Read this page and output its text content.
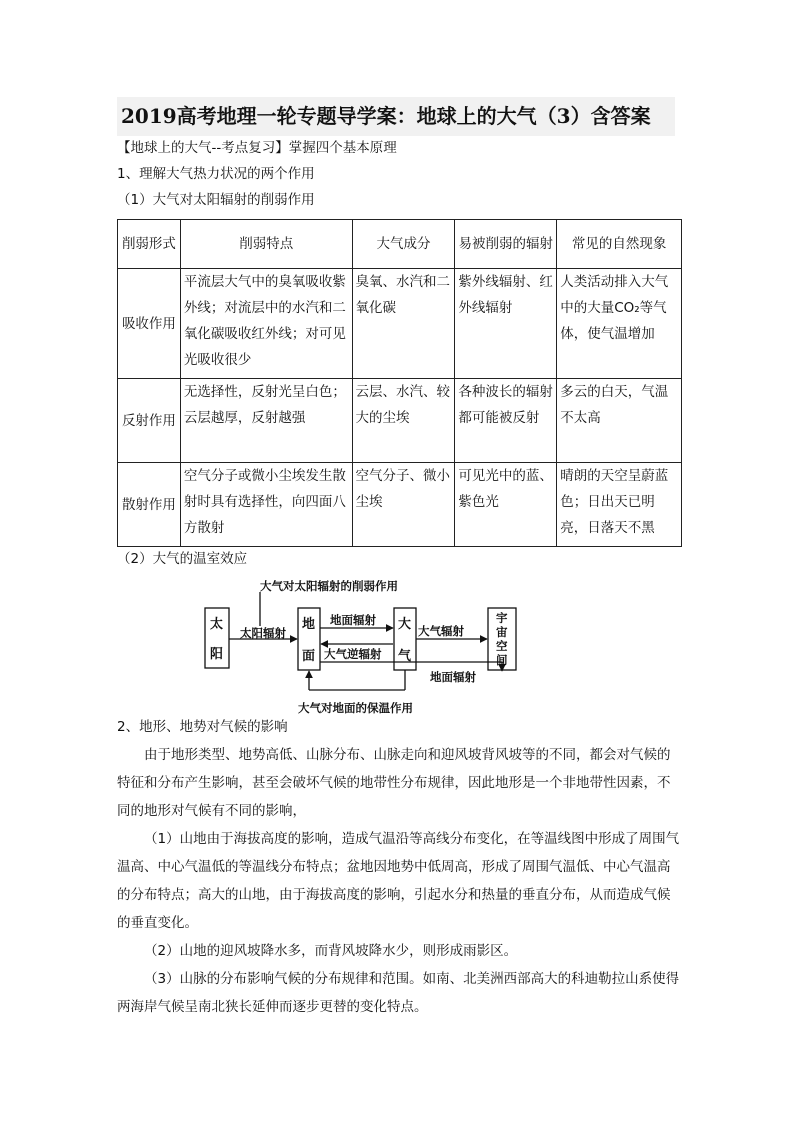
2019高考地理一轮专题导学案：地球上的大气（3）含答案
【地球上的大气--考点复习】掌握四个基本原理
1、理解大气热力状况的两个作用
（1）大气对太阳辐射的削弱作用
削弱形式	削弱特点	大气成分	易被削弱的辐射	常见的自然现象
吸收作用	平流层大气中的臭氧吸收紫外线；对流层中的水汽和二氧化碳吸收红外线；对可见光吸收很少	臭氧、水汽和二氧化碳	紫外线辐射、红外线辐射	人类活动排入大气中的大量CO₂等气体，使气温增加
反射作用	无选择性，反射光呈白色；云层越厚，反射越强	云层、水汽、较大的尘埃	各种波长的辐射都可能被反射	多云的白天，气温不太高
散射作用	空气分子或微小尘埃发生散射时具有选择性，向四面八方散射	空气分子、微小尘埃	可见光中的蓝、紫色光	晴朗的天空呈蔚蓝色；日出天已明亮，日落天不黑
（2）大气的温室效应
大气对太阳辐射的削弱作用
太阳辐射
地面辐射
大气逆辐射
大气辐射
地面辐射
大气对地面的保温作用
太
阳
地
面
大
气
宇
宙
空
间
2、地形、地势对气候的影响
由于地形类型、地势高低、山脉分布、山脉走向和迎风坡背风坡等的不同，都会对气候的特征和分布产生影响，甚至会破坏气候的地带性分布规律，因此地形是一个非地带性因素，不同的地形对气候有不同的影响，
（1）山地由于海拔高度的影响，造成气温沿等高线分布变化，在等温线图中形成了周围气温高、中心气温低的等温线分布特点；盆地因地势中低周高，形成了周围气温低、中心气温高的分布特点；高大的山地，由于海拔高度的影响，引起水分和热量的垂直分布，从而造成气候的垂直变化。
（2）山地的迎风坡降水多，而背风坡降水少，则形成雨影区。
（3）山脉的分布影响气候的分布规律和范围。如南、北美洲西部高大的科迪勒拉山系使得两海岸气候呈南北狭长延伸而逐步更替的变化特点。
